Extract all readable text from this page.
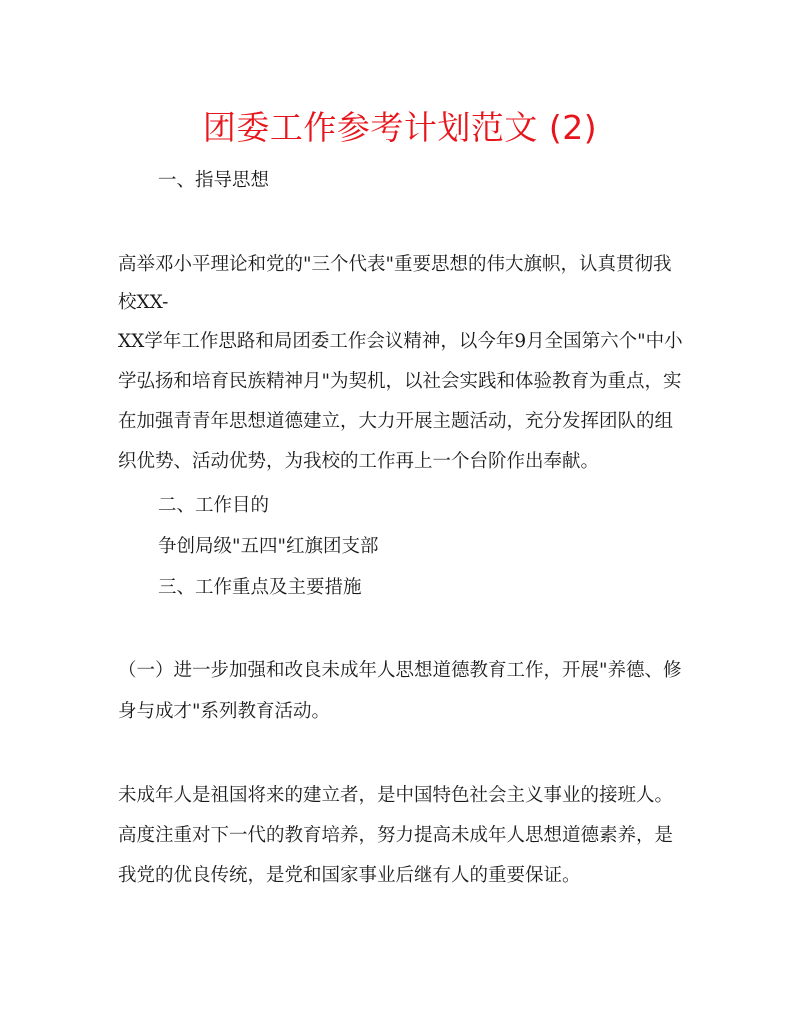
团委工作参考计划范文 (2)
一、指导思想
高举邓小平理论和党的"三个代表"重要思想的伟大旗帜，认真贯彻我
校XX-
XX学年工作思路和局团委工作会议精神，以今年9月全国第六个"中小
学弘扬和培育民族精神月"为契机，以社会实践和体验教育为重点，实
在加强青青年思想道德建立，大力开展主题活动，充分发挥团队的组
织优势、活动优势，为我校的工作再上一个台阶作出奉献。
二、工作目的
争创局级"五四"红旗团支部
三、工作重点及主要措施
（一）进一步加强和改良未成年人思想道德教育工作，开展"养德、修
身与成才"系列教育活动。
未成年人是祖国将来的建立者，是中国特色社会主义事业的接班人。
高度注重对下一代的教育培养，努力提高未成年人思想道德素养，是
我党的优良传统，是党和国家事业后继有人的重要保证。
